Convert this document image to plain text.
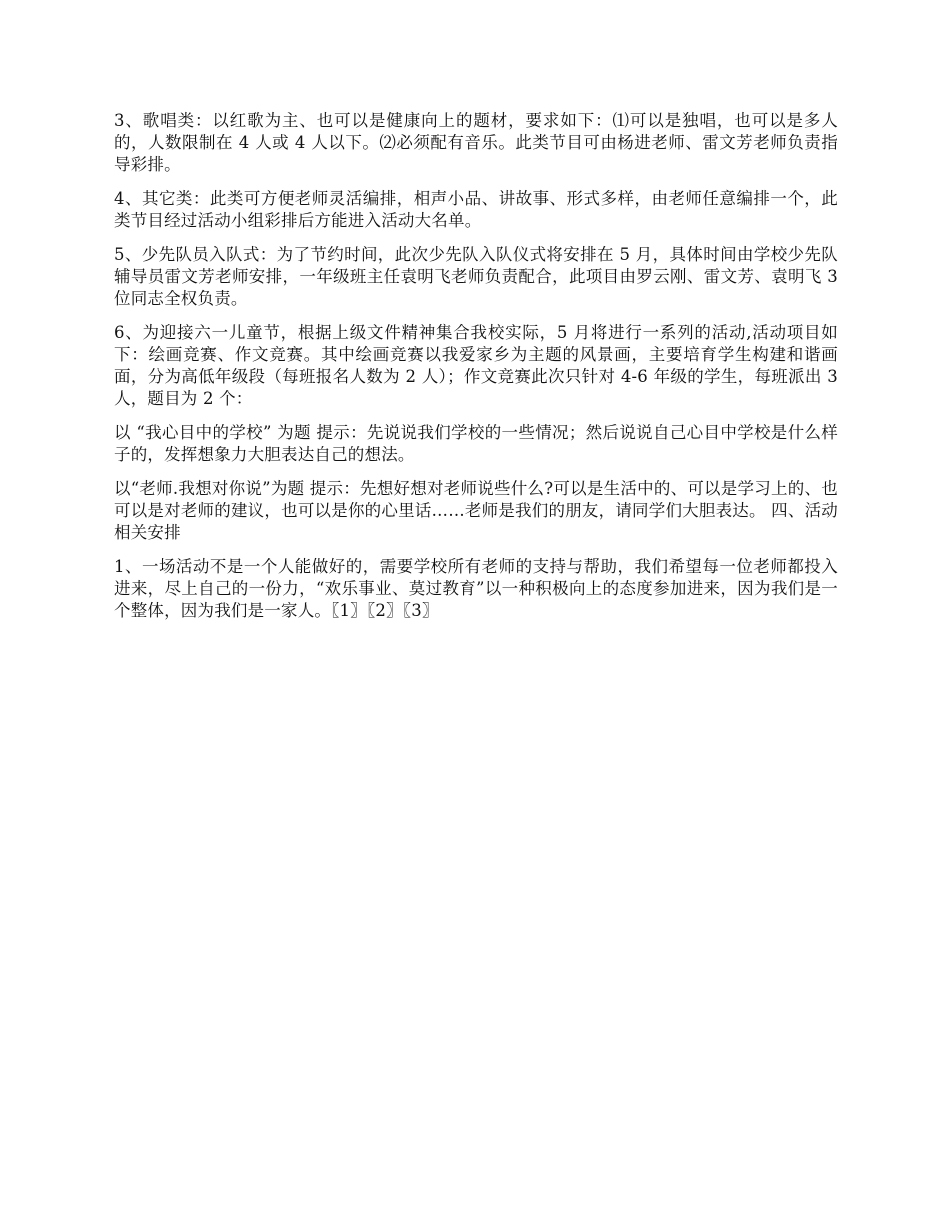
3、歌唱类：以红歌为主、也可以是健康向上的题材，要求如下：⑴可以是独唱，也可以是多人的，人数限制在 4 人或 4 人以下。⑵必须配有音乐。此类节目可由杨进老师、雷文芳老师负责指导彩排。

4、其它类：此类可方便老师灵活编排，相声小品、讲故事、形式多样，由老师任意编排一个，此类节目经过活动小组彩排后方能进入活动大名单。

5、少先队员入队式：为了节约时间，此次少先队入队仪式将安排在 5 月，具体时间由学校少先队辅导员雷文芳老师安排，一年级班主任袁明飞老师负责配合，此项目由罗云刚、雷文芳、袁明飞 3 位同志全权负责。

6、为迎接六一儿童节，根据上级文件精神集合我校实际，5 月将进行一系列的活动,活动项目如下：绘画竞赛、作文竞赛。其中绘画竞赛以我爱家乡为主题的风景画，主要培育学生构建和谐画面，分为高低年级段（每班报名人数为 2 人）；作文竞赛此次只针对 4-6 年级的学生，每班派出 3 人，题目为 2 个：

以 “我心目中的学校” 为题 提示：先说说我们学校的一些情况；然后说说自己心目中学校是什么样子的，发挥想象力大胆表达自己的想法。

以“老师.我想对你说”为题 提示：先想好想对老师说些什么?可以是生活中的、可以是学习上的、也可以是对老师的建议，也可以是你的心里话……老师是我们的朋友，请同学们大胆表达。 四、活动相关安排

1、一场活动不是一个人能做好的，需要学校所有老师的支持与帮助，我们希望每一位老师都投入进来，尽上自己的一份力，“欢乐事业、莫过教育”以一种积极向上的态度参加进来，因为我们是一个整体，因为我们是一家人。〖1〗〖2〗〖3〗
